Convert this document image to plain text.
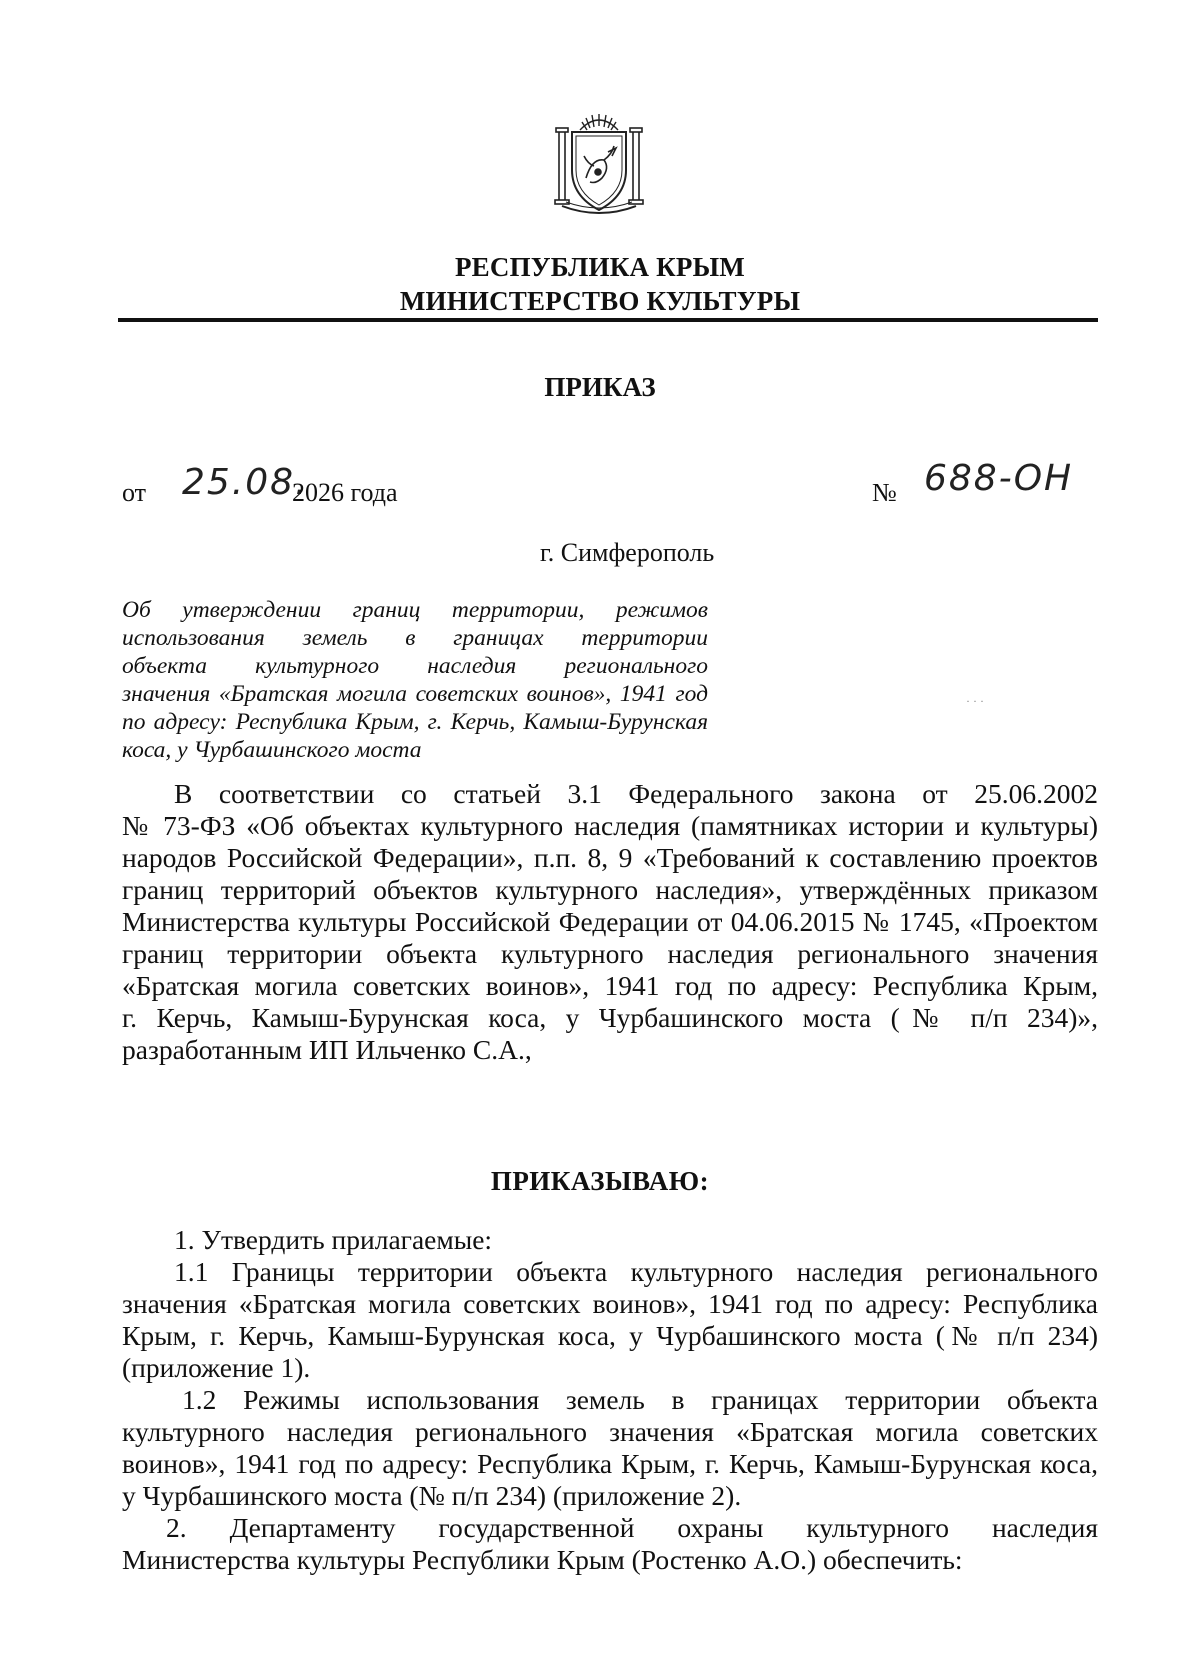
РЕСПУБЛИКА КРЫМ
МИНИСТЕРСТВО КУЛЬТУРЫ
ПРИКАЗ
от 25.08.
2026 года	№ 688-ОН
г. Симферополь
Об утверждении границ территории, режимов
использования земель в границах территории
объекта культурного наследия регионального
значения «Братская могила советских воинов», 1941 год
по адресу: Республика Крым, г. Керчь, Камыш-Бурунская
коса, у Чурбашинского моста
· · ·
В соответствии со статьей 3.1 Федерального закона от 25.06.2002
№ 73-ФЗ «Об объектах культурного наследия (памятниках истории и культуры)
народов Российской Федерации», п.п. 8, 9 «Требований к составлению проектов
границ территорий объектов культурного наследия», утверждённых приказом
Министерства культуры Российской Федерации от 04.06.2015 № 1745, «Проектом
границ территории объекта культурного наследия регионального значения
«Братская могила советских воинов», 1941 год по адресу: Республика Крым,
г. Керчь, Камыш-Бурунская коса, у Чурбашинского моста (№ п/п 234)»,
разработанным ИП Ильченко С.А.,
ПРИКАЗЫВАЮ:
1. Утвердить прилагаемые:
1.1 Границы территории объекта культурного наследия регионального
значения «Братская могила советских воинов», 1941 год по адресу: Республика
Крым, г. Керчь, Камыш-Бурунская коса, у Чурбашинского моста (№ п/п 234)
(приложение 1).
1.2 Режимы использования земель в границах территории объекта
культурного наследия регионального значения «Братская могила советских
воинов», 1941 год по адресу: Республика Крым, г. Керчь, Камыш-Бурунская коса,
у Чурбашинского моста (№ п/п 234) (приложение 2).
2. Департаменту государственной охраны культурного наследия
Министерства культуры Республики Крым (Ростенко А.О.) обеспечить:
